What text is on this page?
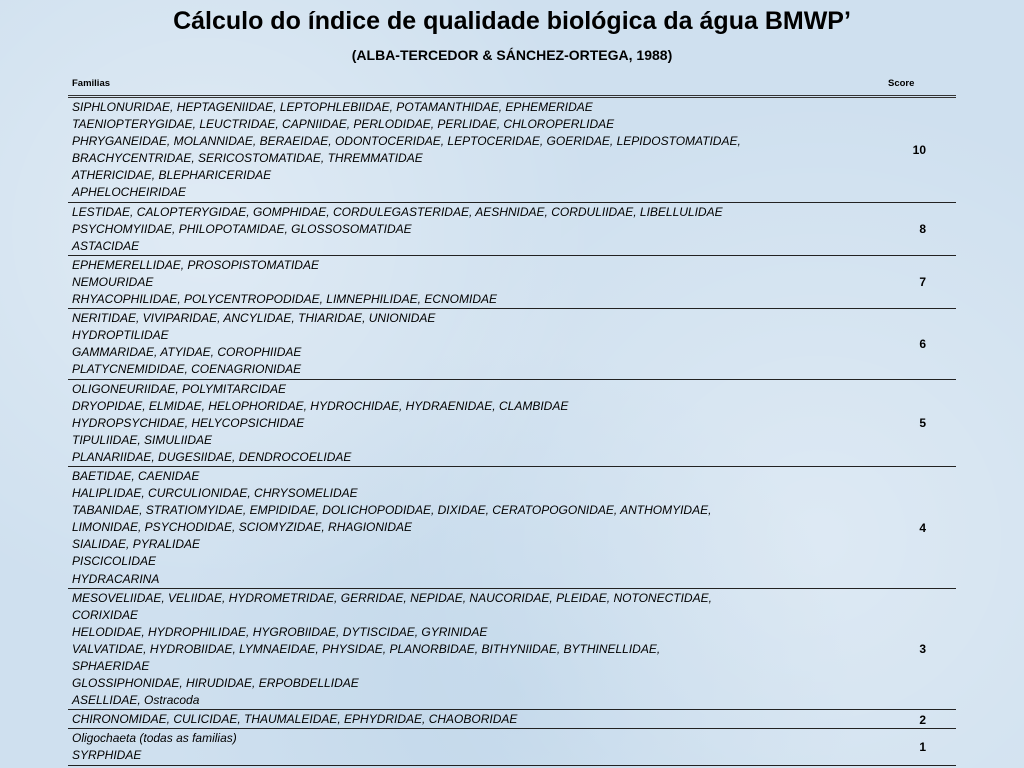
Cálculo do índice de qualidade biológica da água BMWP’
(ALBA-TERCEDOR & SÁNCHEZ-ORTEGA, 1988)
Familias	Score
SIPHLONURIDAE, HEPTAGENIIDAE, LEPTOPHLEBIIDAE, POTAMANTHIDAE, EPHEMERIDAE
TAENIOPTERYGIDAE, LEUCTRIDAE, CAPNIIDAE, PERLODIDAE, PERLIDAE, CHLOROPERLIDAE
PHRYGANEIDAE, MOLANNIDAE, BERAEIDAE, ODONTOCERIDAE, LEPTOCERIDAE, GOERIDAE, LEPIDOSTOMATIDAE,
BRACHYCENTRIDAE, SERICOSTOMATIDAE, THREMMATIDAE
ATHERICIDAE, BLEPHARICERIDAE
APHELOCHEIRIDAE
10
LESTIDAE, CALOPTERYGIDAE, GOMPHIDAE, CORDULEGASTERIDAE, AESHNIDAE, CORDULIIDAE, LIBELLULIDAE
PSYCHOMYIIDAE, PHILOPOTAMIDAE, GLOSSOSOMATIDAE
ASTACIDAE
8
EPHEMERELLIDAE, PROSOPISTOMATIDAE
NEMOURIDAE
RHYACOPHILIDAE, POLYCENTROPODIDAE, LIMNEPHILIDAE, ECNOMIDAE
7
NERITIDAE, VIVIPARIDAE, ANCYLIDAE, THIARIDAE, UNIONIDAE
HYDROPTILIDAE
GAMMARIDAE, ATYIDAE, COROPHIIDAE
PLATYCNEMIDIDAE, COENAGRIONIDAE
6
OLIGONEURIIDAE, POLYMITARCIDAE
DRYOPIDAE, ELMIDAE, HELOPHORIDAE, HYDROCHIDAE, HYDRAENIDAE, CLAMBIDAE
HYDROPSYCHIDAE, HELYCOPSICHIDAE
TIPULIIDAE, SIMULIIDAE
PLANARIIDAE, DUGESIIDAE, DENDROCOELIDAE
5
BAETIDAE, CAENIDAE
HALIPLIDAE, CURCULIONIDAE, CHRYSOMELIDAE
TABANIDAE, STRATIOMYIDAE, EMPIDIDAE, DOLICHOPODIDAE, DIXIDAE, CERATOPOGONIDAE, ANTHOMYIDAE,
LIMONIDAE, PSYCHODIDAE, SCIOMYZIDAE, RHAGIONIDAE
SIALIDAE, PYRALIDAE
PISCICOLIDAE
HYDRACARINA
4
MESOVELIIDAE, VELIIDAE, HYDROMETRIDAE, GERRIDAE, NEPIDAE, NAUCORIDAE, PLEIDAE, NOTONECTIDAE,
CORIXIDAE
HELODIDAE, HYDROPHILIDAE, HYGROBIIDAE, DYTISCIDAE, GYRINIDAE
VALVATIDAE, HYDROBIIDAE, LYMNAEIDAE, PHYSIDAE, PLANORBIDAE, BITHYNIIDAE, BYTHINELLIDAE,
SPHAERIDAE
GLOSSIPHONIDAE, HIRUDIDAE, ERPOBDELLIDAE
ASELLIDAE, Ostracoda
3
CHIRONOMIDAE, CULICIDAE, THAUMALEIDAE, EPHYDRIDAE, CHAOBORIDAE	2
Oligochaeta (todas as familias)
SYRPHIDAE
1
